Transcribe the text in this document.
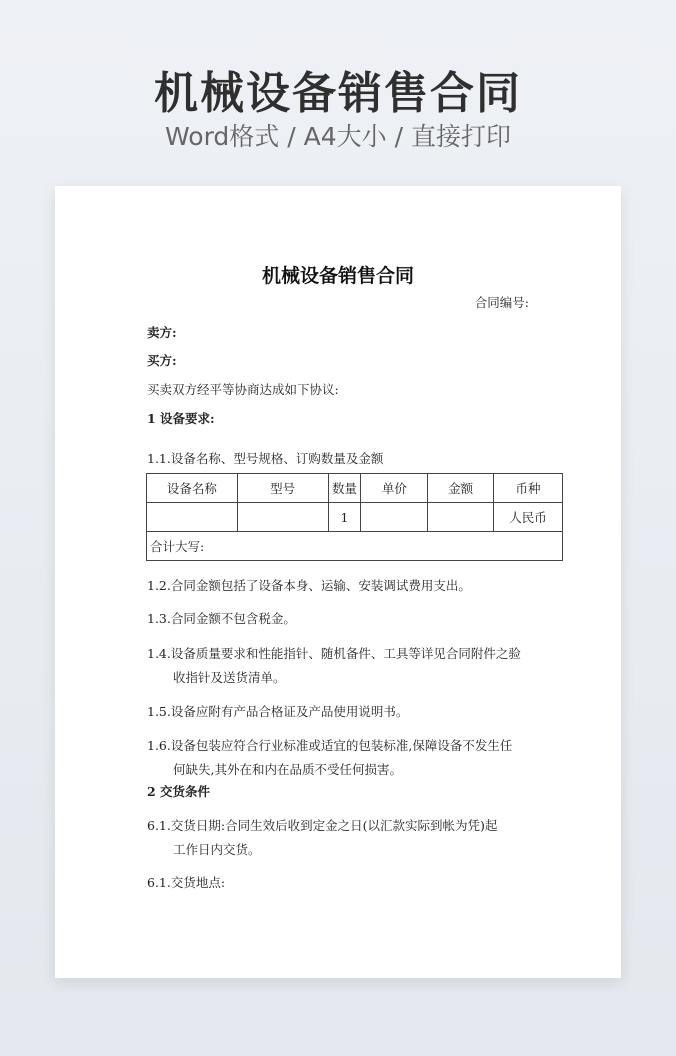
机械设备销售合同
Word格式 / A4大小 / 直接打印
机械设备销售合同
合同编号:
卖方:
买方:
买卖双方经平等协商达成如下协议:
1 设备要求:
1.1.设备名称、型号规格、订购数量及金额
设备名称	型号	数量	单价	金额	币种
		1			人民币
合计大写:					
1.2.合同金额包括了设备本身、运输、安装调试费用支出。
1.3.合同金额不包含税金。
1.4.设备质量要求和性能指针、随机备件、工具等详见合同附件之验
收指针及送货清单。
1.5.设备应附有产品合格证及产品使用说明书。
1.6.设备包装应符合行业标准或适宜的包装标准,保障设备不发生任
何缺失,其外在和内在品质不受任何损害。
2 交货条件
6.1.交货日期:合同生效后收到定金之日(以汇款实际到帐为凭)起
工作日内交货。
6.1.交货地点:
